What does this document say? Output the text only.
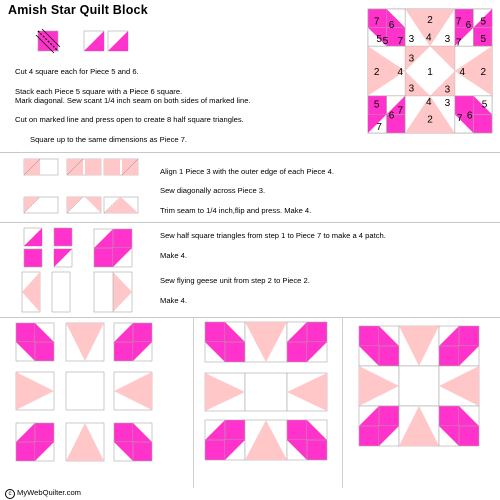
Amish Star Quilt Block
Cut 4 square each for Piece 5 and 6.
Stack each Piece 5 square with a Piece 6 square.
Mark diagonal. Sew scant 1/4 inch seam on both sides of marked line.
Cut on marked line and press open to create 8 half square triangles.
Square up to the same dimensions as Piece 7.
Align 1 Piece 3 with the outer edge of each Piece 4.
Sew diagonally across Piece 3.
Trim seam to 1/4 inch,flip and press. Make 4.
Sew half square triangles from step 1 to Piece 7 to make a 4 patch.
Make 4.
Sew flying geese unit from step 2 to Piece 2.
Make 4.
7 6
5
2	6 5
7
5
7
3 4 3
7
5
2 4
3
1
3
4 2
3
4 3
5
6
7
2 7 6
5
7
c MyWebQuilter.com
